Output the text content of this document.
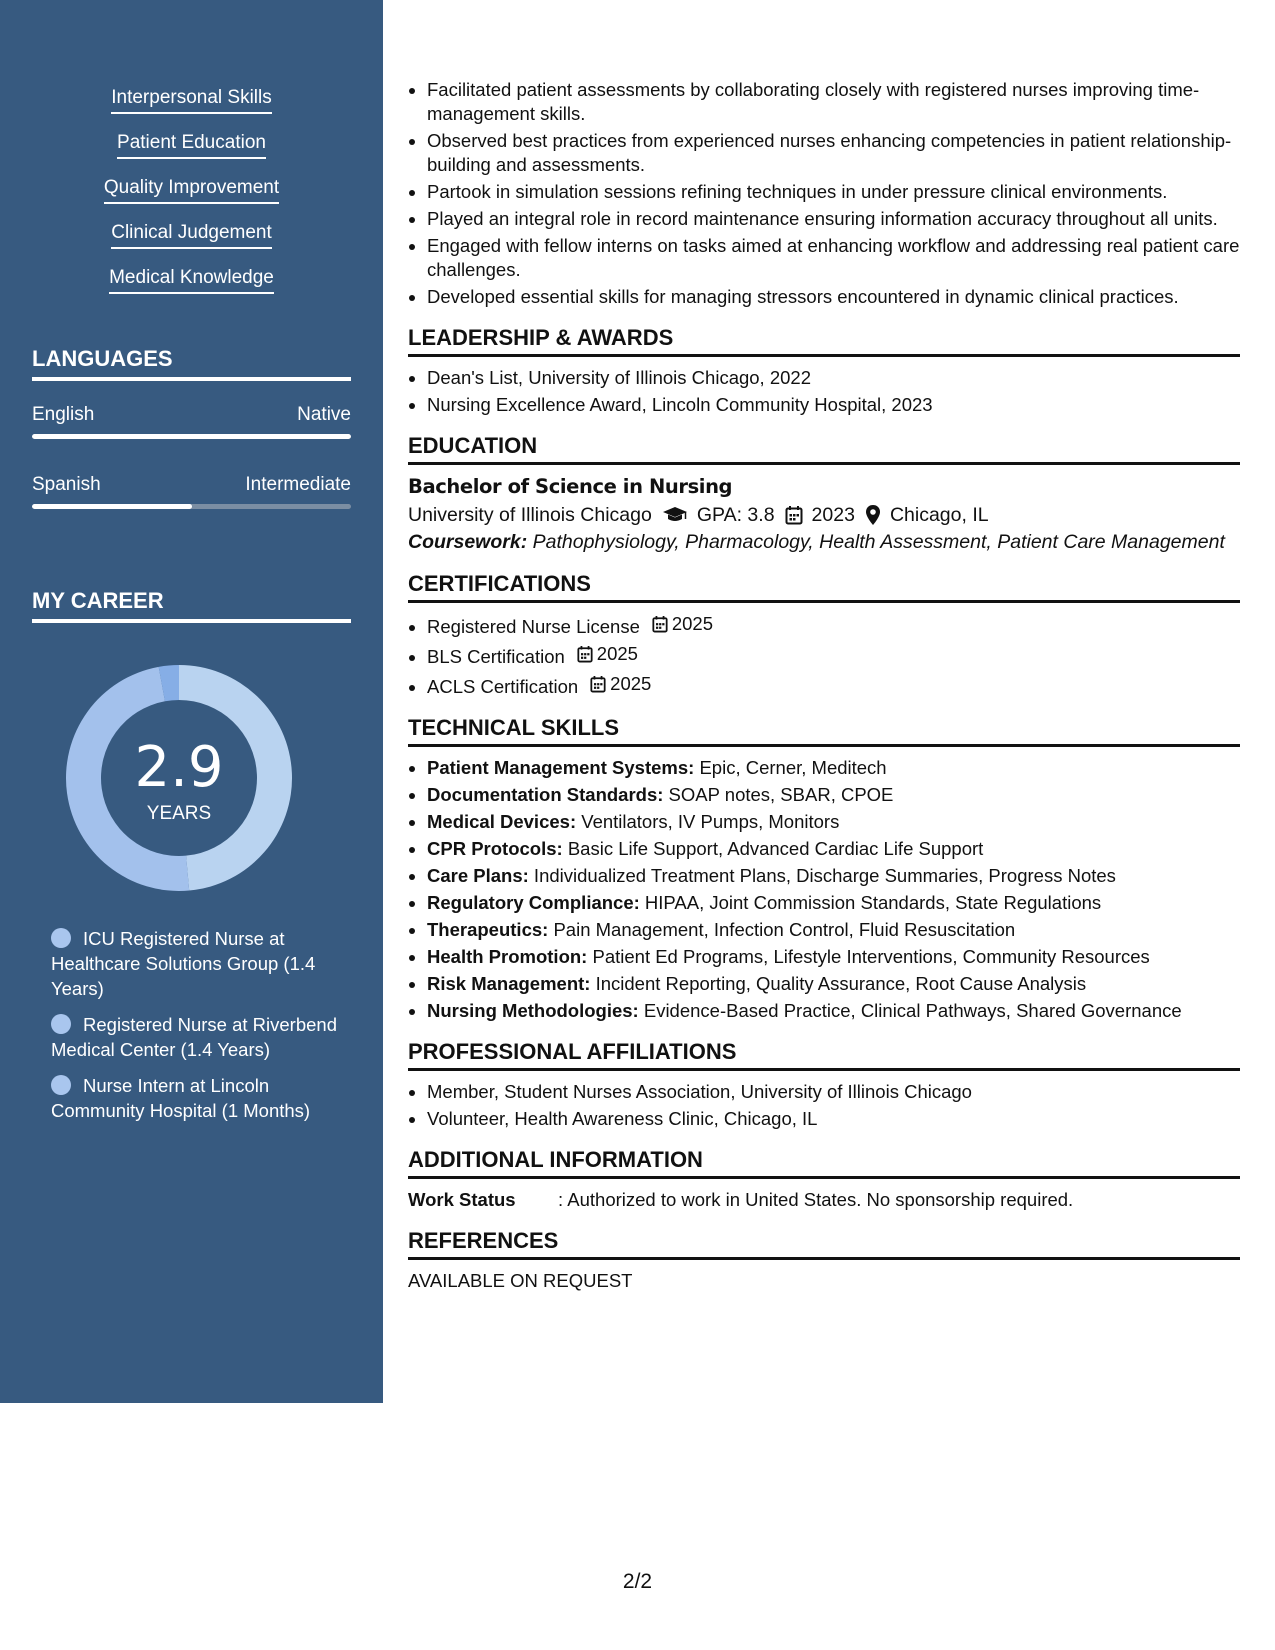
Interpersonal Skills
Patient Education
Quality Improvement
Clinical Judgement
Medical Knowledge
LANGUAGES
English	Native
Spanish	Intermediate
MY CAREER
2.9
YEARS
ICU Registered Nurse at Healthcare Solutions Group (1.4 Years)
Registered Nurse at Riverbend Medical Center (1.4 Years)
Nurse Intern at Lincoln Community Hospital (1 Months)
• Facilitated patient assessments by collaborating closely with registered nurses improving time-management skills.
• Observed best practices from experienced nurses enhancing competencies in patient relationship-building and assessments.
• Partook in simulation sessions refining techniques in under pressure clinical environments.
• Played an integral role in record maintenance ensuring information accuracy throughout all units.
• Engaged with fellow interns on tasks aimed at enhancing workflow and addressing real patient care challenges.
• Developed essential skills for managing stressors encountered in dynamic clinical practices.
LEADERSHIP & AWARDS
• Dean's List, University of Illinois Chicago, 2022
• Nursing Excellence Award, Lincoln Community Hospital, 2023
EDUCATION
Bachelor of Science in Nursing
University of Illinois Chicago GPA: 3.8 2023 Chicago, IL
Coursework: Pathophysiology, Pharmacology, Health Assessment, Patient Care Management
CERTIFICATIONS
• Registered Nurse License 2025
• BLS Certification 2025
• ACLS Certification 2025
TECHNICAL SKILLS
• Patient Management Systems: Epic, Cerner, Meditech
• Documentation Standards: SOAP notes, SBAR, CPOE
• Medical Devices: Ventilators, IV Pumps, Monitors
• CPR Protocols: Basic Life Support, Advanced Cardiac Life Support
• Care Plans: Individualized Treatment Plans, Discharge Summaries, Progress Notes
• Regulatory Compliance: HIPAA, Joint Commission Standards, State Regulations
• Therapeutics: Pain Management, Infection Control, Fluid Resuscitation
• Health Promotion: Patient Ed Programs, Lifestyle Interventions, Community Resources
• Risk Management: Incident Reporting, Quality Assurance, Root Cause Analysis
• Nursing Methodologies: Evidence-Based Practice, Clinical Pathways, Shared Governance
PROFESSIONAL AFFILIATIONS
• Member, Student Nurses Association, University of Illinois Chicago
• Volunteer, Health Awareness Clinic, Chicago, IL
ADDITIONAL INFORMATION
Work Status	: Authorized to work in United States. No sponsorship required.
REFERENCES
AVAILABLE ON REQUEST
2/2
